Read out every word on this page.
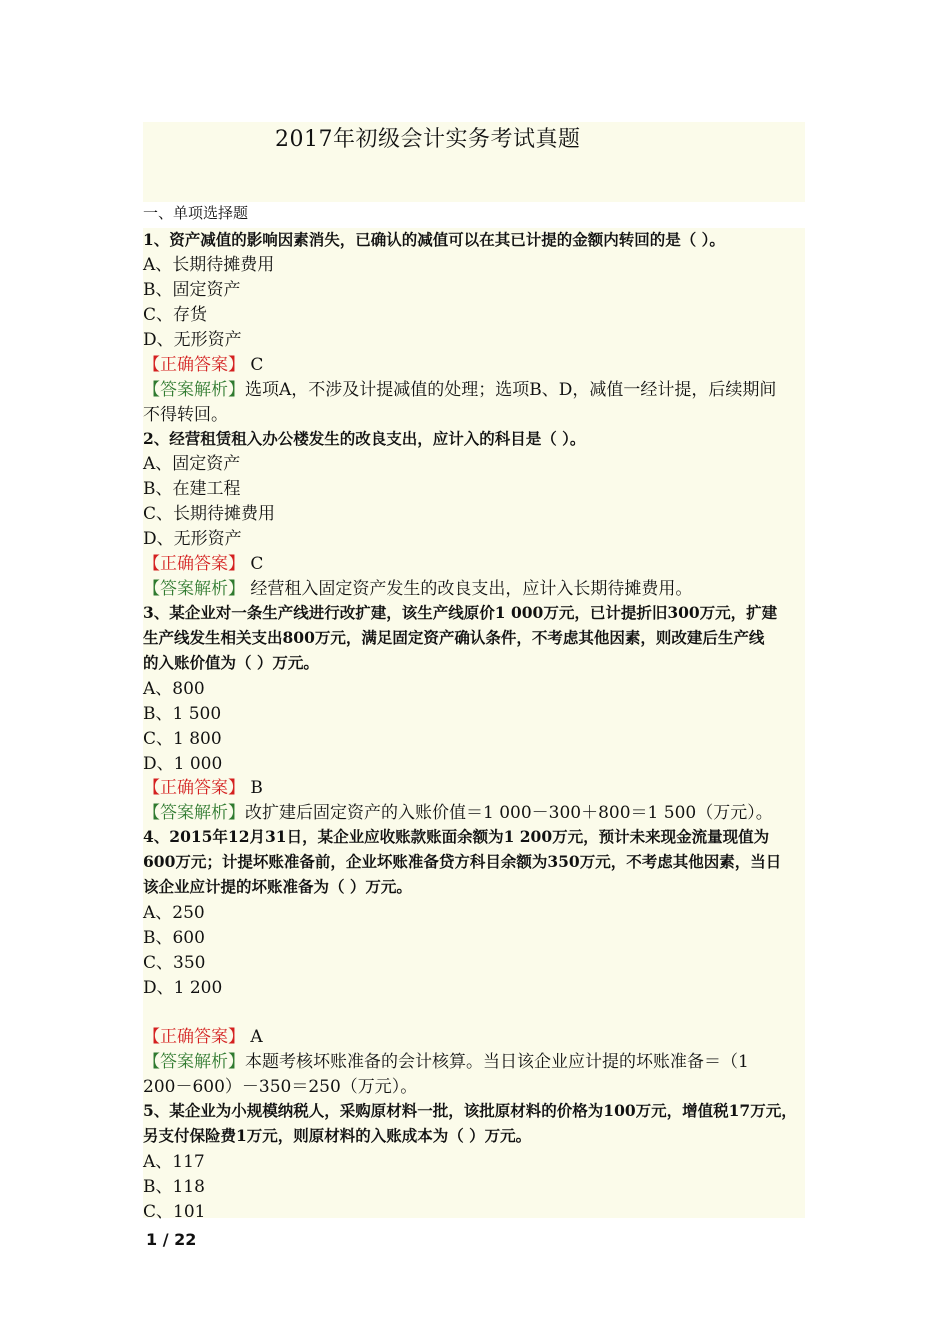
2017年初级会计实务考试真题
一、单项选择题
1、资产减值的影响因素消失，已确认的减值可以在其已计提的金额内转回的是（ ）。
A、长期待摊费用
B、固定资产
C、存货
D、无形资产
【正确答案】 C
【答案解析】选项A，不涉及计提减值的处理；选项B、D，减值一经计提，后续期间
不得转回。
2、经营租赁租入办公楼发生的改良支出，应计入的科目是（ ）。
A、固定资产
B、在建工程
C、长期待摊费用
D、无形资产
【正确答案】 C
【答案解析】 经营租入固定资产发生的改良支出，应计入长期待摊费用。
3、某企业对一条生产线进行改扩建，该生产线原价1 000万元，已计提折旧300万元，扩建
生产线发生相关支出800万元，满足固定资产确认条件，不考虑其他因素，则改建后生产线
的入账价值为（ ）万元。
A、800
B、1 500
C、1 800
D、1 000
【正确答案】 B
【答案解析】改扩建后固定资产的入账价值＝1 000－300＋800＝1 500（万元）。
4、2015年12月31日，某企业应收账款账面余额为1 200万元，预计未来现金流量现值为
600万元；计提坏账准备前，企业坏账准备贷方科目余额为350万元，不考虑其他因素，当日
该企业应计提的坏账准备为（ ）万元。
A、250
B、600
C、350
D、1 200
【正确答案】 A
【答案解析】本题考核坏账准备的会计核算。当日该企业应计提的坏账准备＝（1
200－600）－350＝250（万元）。
5、某企业为小规模纳税人，采购原材料一批，该批原材料的价格为100万元，增值税17万元，
另支付保险费1万元，则原材料的入账成本为（ ）万元。
A、117
B、118
C、101
1 / 22
